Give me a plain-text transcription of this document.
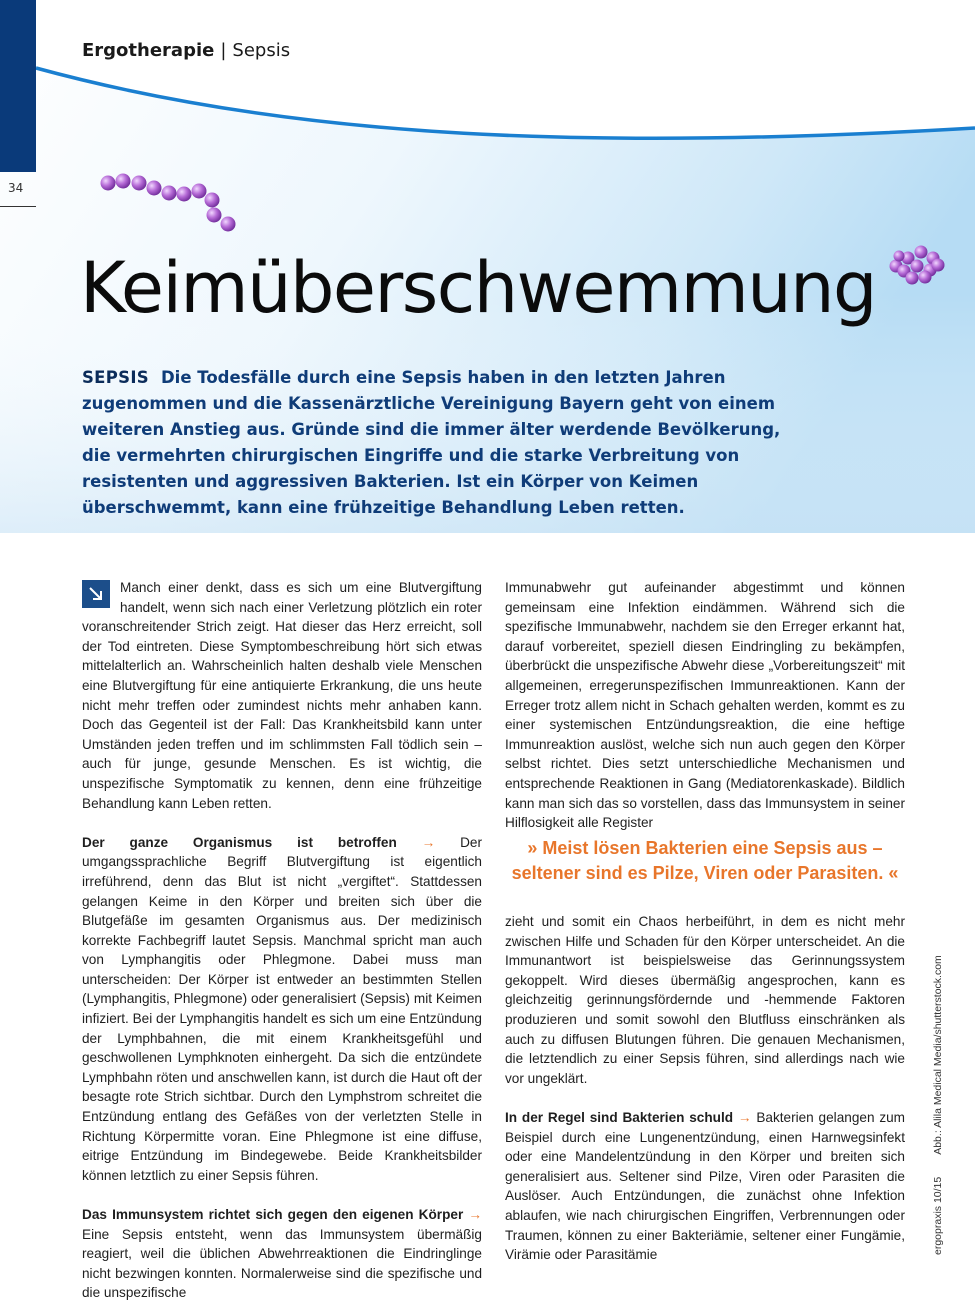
34
Ergotherapie | Sepsis
Keimüberschwemmung
SEPSIS Die Todesfälle durch eine Sepsis haben in den letzten Jahren zugenommen und die Kassenärztliche Vereinigung Bayern geht von einem weiteren Anstieg aus. Gründe sind die immer älter werdende Bevölkerung, die vermehrten chirurgischen Eingriffe und die starke Verbreitung von resistenten und aggressiven Bakterien. Ist ein Körper von Keimen überschwemmt, kann eine frühzeitige Behandlung Leben retten.

Manch einer denkt, dass es sich um eine Blutvergiftung handelt, wenn sich nach einer Verletzung plötzlich ein roter voranschreitender Strich zeigt. Hat dieser das Herz erreicht, soll der Tod eintreten. Diese Symptombeschreibung hört sich etwas mittelalterlich an. Wahrscheinlich halten deshalb viele Menschen eine Blutvergiftung für eine antiquierte Erkrankung, die uns heute nicht mehr treffen oder zumindest nichts mehr anhaben kann. Doch das Gegenteil ist der Fall: Das Krankheitsbild kann unter Umständen jeden treffen und im schlimmsten Fall tödlich sein – auch für junge, gesunde Menschen. Es ist wichtig, die unspezifische Symptomatik zu kennen, denn eine frühzeitige Behandlung kann Leben retten.

Der ganze Organismus ist betroffen → Der umgangssprachliche Begriff Blutvergiftung ist eigentlich irreführend, denn das Blut ist nicht „vergiftet“. Stattdessen gelangen Keime in den Körper und breiten sich über die Blutgefäße im gesamten Organismus aus. Der medizinisch korrekte Fachbegriff lautet Sepsis. Manchmal spricht man auch von Lymphangitis oder Phlegmone. Dabei muss man unterscheiden: Der Körper ist entweder an bestimmten Stellen (Lymphangitis, Phlegmone) oder generalisiert (Sepsis) mit Keimen infiziert. Bei der Lymphangitis handelt es sich um eine Entzündung der Lymphbahnen, die mit einem Krankheitsgefühl und geschwollenen Lymphknoten einhergeht. Da sich die entzündete Lymphbahn röten und anschwellen kann, ist durch die Haut oft der besagte rote Strich sichtbar. Durch den Lymphstrom schreitet die Entzündung entlang des Gefäßes von der verletzten Stelle in Richtung Körpermitte voran. Eine Phlegmone ist eine diffuse, eitrige Entzündung im Bindegewebe. Beide Krankheitsbilder können letztlich zu einer Sepsis führen.

Das Immunsystem richtet sich gegen den eigenen Körper → Eine Sepsis entsteht, wenn das Immunsystem übermäßig reagiert, weil die üblichen Abwehrreaktionen die Eindringlinge nicht bezwingen konnten. Normalerweise sind die spezifische und die unspezifische

Immunabwehr gut aufeinander abgestimmt und können gemeinsam eine Infektion eindämmen. Während sich die spezifische Immunabwehr, nachdem sie den Erreger erkannt hat, darauf vorbereitet, speziell diesen Eindringling zu bekämpfen, überbrückt die unspezifische Abwehr diese „Vorbereitungszeit“ mit allgemeinen, erregerunspezifischen Immunreaktionen. Kann der Erreger trotz allem nicht in Schach gehalten werden, kommt es zu einer systemischen Entzündungsreaktion, die eine heftige Immunreaktion auslöst, welche sich nun auch gegen den Körper selbst richtet. Dies setzt unterschiedliche Mechanismen und entsprechende Reaktionen in Gang (Mediatorenkaskade). Bildlich kann man sich das so vorstellen, dass das Immunsystem in seiner Hilflosigkeit alle Register

» Meist lösen Bakterien eine Sepsis aus – seltener sind es Pilze, Viren oder Parasiten. «

zieht und somit ein Chaos herbeiführt, in dem es nicht mehr zwischen Hilfe und Schaden für den Körper unterscheidet. An die Immunantwort ist beispielsweise das Gerinnungssystem gekoppelt. Wird dieses übermäßig angesprochen, kann es gleichzeitig gerinnungsfördernde und -hemmende Faktoren produzieren und somit sowohl den Blutfluss einschränken als auch zu diffusen Blutungen führen. Die genauen Mechanismen, die letztendlich zu einer Sepsis führen, sind allerdings nach wie vor ungeklärt.

In der Regel sind Bakterien schuld → Bakterien gelangen zum Beispiel durch eine Lungenentzündung, einen Harnwegsinfekt oder eine Mandelentzündung in den Körper und breiten sich generalisiert aus. Seltener sind Pilze, Viren oder Parasiten die Auslöser. Auch Entzündungen, die zunächst ohne Infektion ablaufen, wie nach chirurgischen Eingriffen, Verbrennungen oder Traumen, können zu einer Bakteriämie, seltener einer Fungämie, Virämie oder Parasitämie	ergopraxis 10/15Abb.: Alila Medical Media/shutterstock.com
